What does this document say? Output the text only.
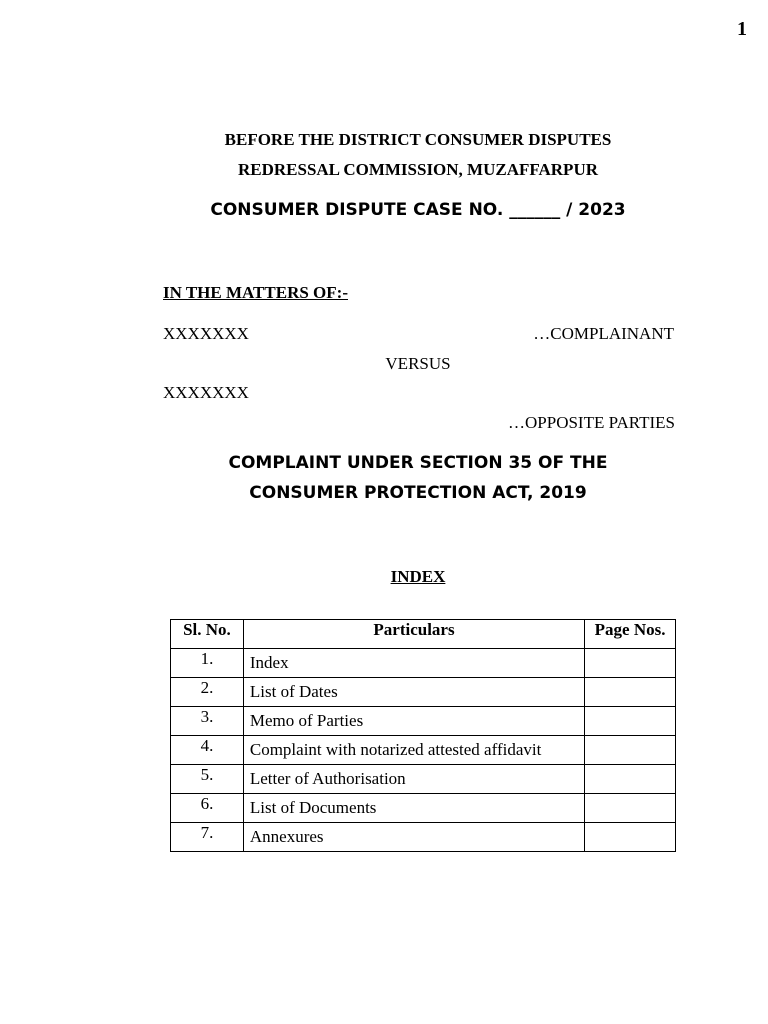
1
BEFORE THE DISTRICT CONSUMER DISPUTES
REDRESSAL COMMISSION, MUZAFFARPUR
CONSUMER DISPUTE CASE NO. ______ / 2023
IN THE MATTERS OF:-
XXXXXXX	…COMPLAINANT
VERSUS
XXXXXXX
…OPPOSITE PARTIES
COMPLAINT UNDER SECTION 35 OF THE
CONSUMER PROTECTION ACT, 2019
INDEX
Sl. No.	Particulars	Page Nos.
1.	Index	
2.	List of Dates	
3.	Memo of Parties	
4.	Complaint with notarized attested affidavit	
5.	Letter of Authorisation	
6.	List of Documents	
7.	Annexures	
